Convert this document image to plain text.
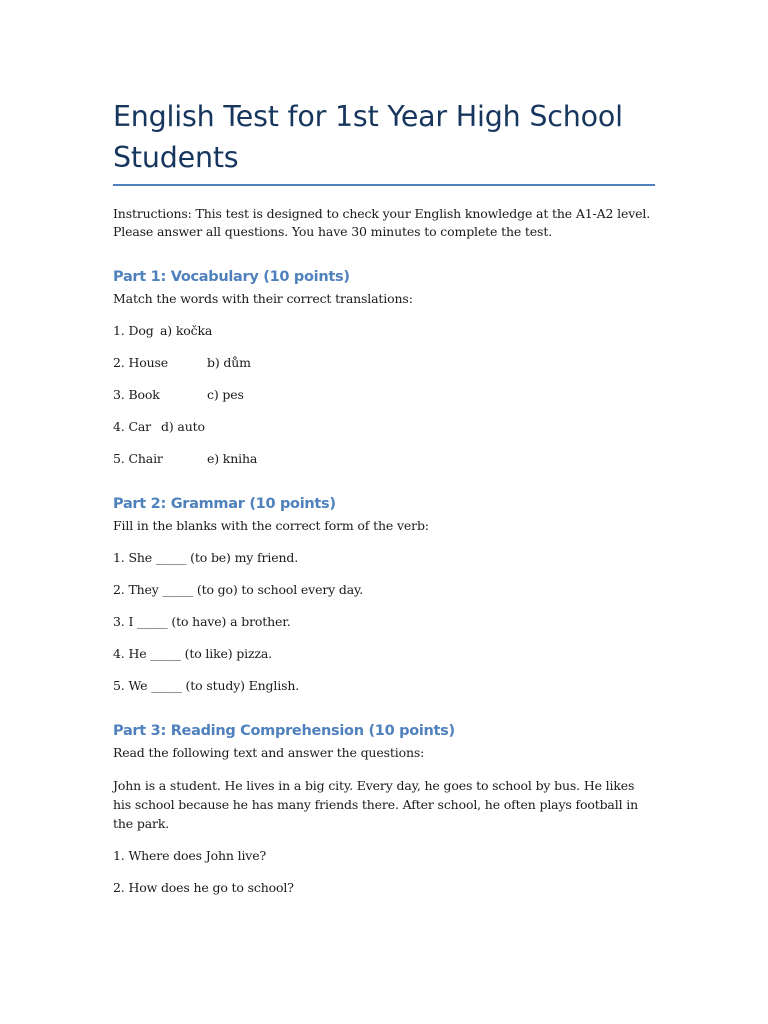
English Test for 1st Year High School Students
Instructions: This test is designed to check your English knowledge at the A1-A2 level. Please answer all questions. You have 30 minutes to complete the test.
Part 1: Vocabulary (10 points)
Match the words with their correct translations:
1. Dog a) kočka
2. House	b) dům
3. Book	c) pes
4. Car d) auto
5. Chair	e) kniha
Part 2: Grammar (10 points)
Fill in the blanks with the correct form of the verb:
1. She _____ (to be) my friend.
2. They _____ (to go) to school every day.
3. I _____ (to have) a brother.
4. He _____ (to like) pizza.
5. We _____ (to study) English.
Part 3: Reading Comprehension (10 points)
Read the following text and answer the questions:
John is a student. He lives in a big city. Every day, he goes to school by bus. He likes his school because he has many friends there. After school, he often plays football in the park.
1. Where does John live?
2. How does he go to school?
